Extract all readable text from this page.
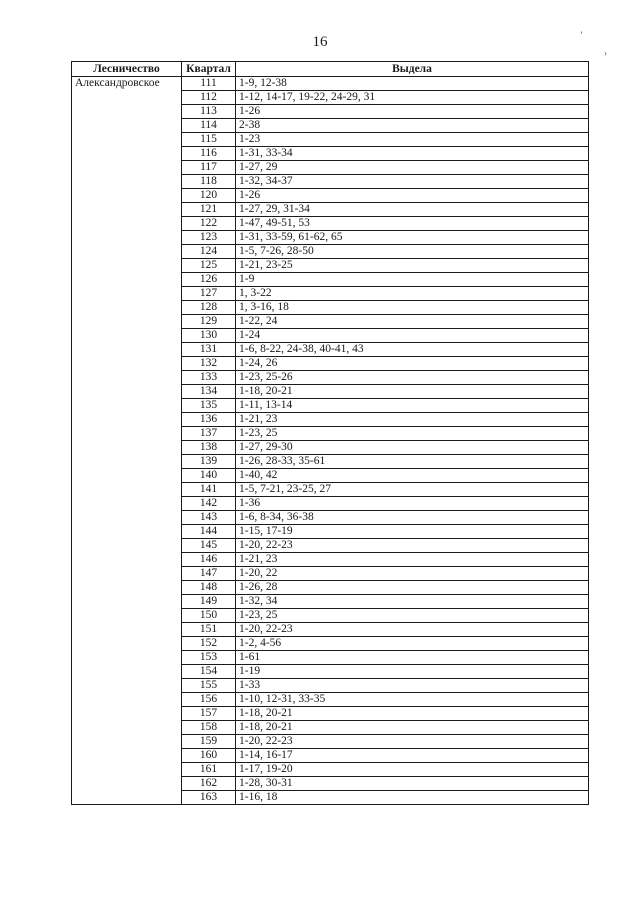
16	ʼ
›
Лесничество	Квартал	Выдела
Александровское	111	1-9, 12-38
	112	1-12, 14-17, 19-22, 24-29, 31
	113	1-26
	114	2-38
	115	1-23
	116	1-31, 33-34
	117	1-27, 29
	118	1-32, 34-37
	120	1-26
	121	1-27, 29, 31-34
	122	1-47, 49-51, 53
	123	1-31, 33-59, 61-62, 65
	124	1-5, 7-26, 28-50
	125	1-21, 23-25
	126	1-9
	127	1, 3-22
	128	1, 3-16, 18
	129	1-22, 24
	130	1-24
	131	1-6, 8-22, 24-38, 40-41, 43
	132	1-24, 26
	133	1-23, 25-26
	134	1-18, 20-21
	135	1-11, 13-14
	136	1-21, 23
	137	1-23, 25
	138	1-27, 29-30
	139	1-26, 28-33, 35-61
	140	1-40, 42
	141	1-5, 7-21, 23-25, 27
	142	1-36
	143	1-6, 8-34, 36-38
	144	1-15, 17-19
	145	1-20, 22-23
	146	1-21, 23
	147	1-20, 22
	148	1-26, 28
	149	1-32, 34
	150	1-23, 25
	151	1-20, 22-23
	152	1-2, 4-56
	153	1-61
	154	1-19
	155	1-33
	156	1-10, 12-31, 33-35
	157	1-18, 20-21
	158	1-18, 20-21
	159	1-20, 22-23
	160	1-14, 16-17
	161	1-17, 19-20
	162	1-28, 30-31
	163	1-16, 18
